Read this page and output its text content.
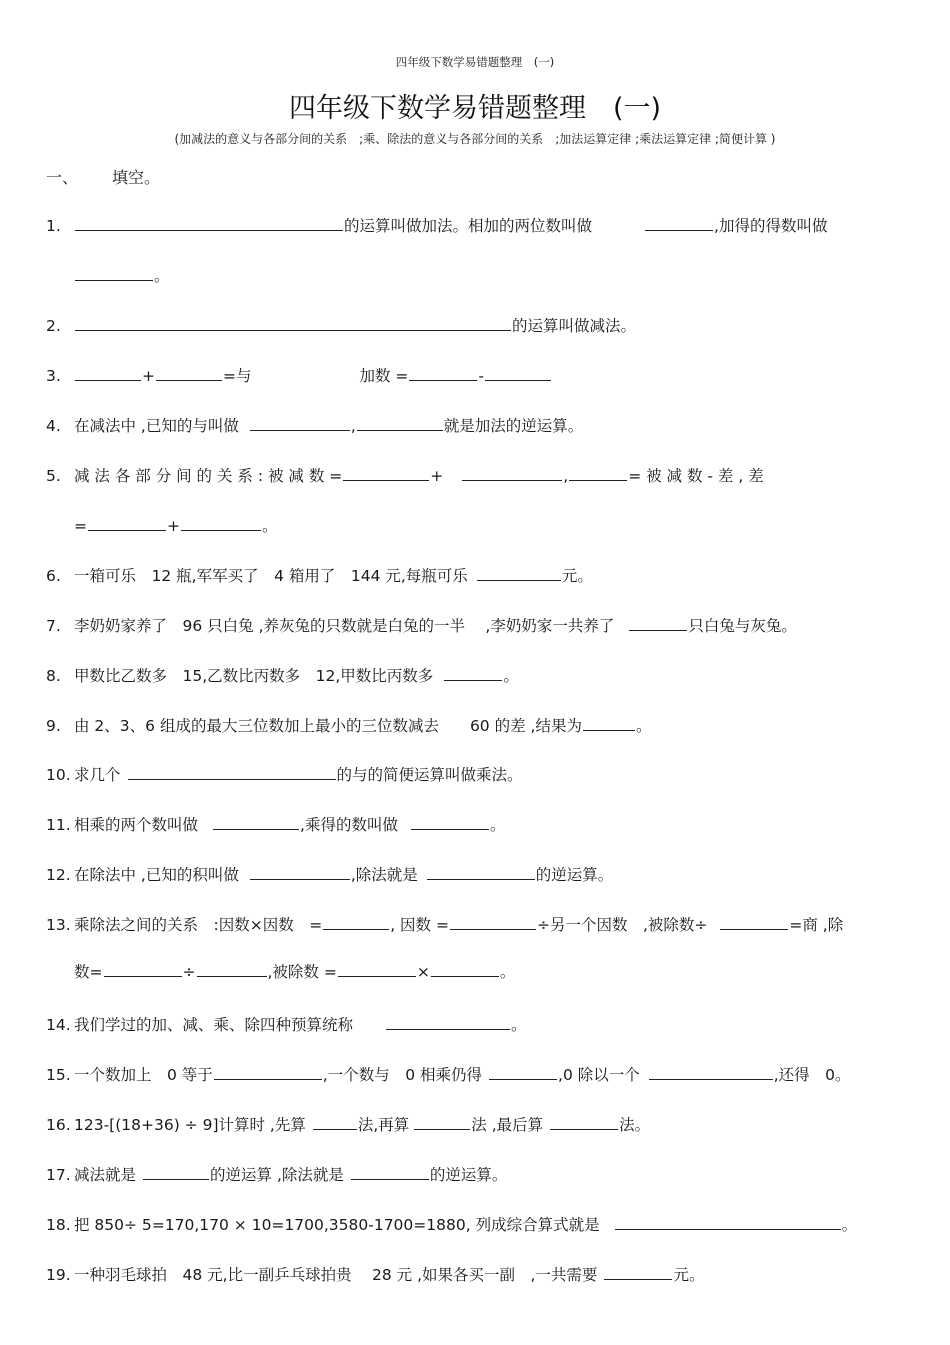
四年级下数学易错题整理　(一)
四年级下数学易错题整理　(一)
(加减法的意义与各部分间的关系　;乘、除法的意义与各部分间的关系　;加法运算定律 ;乘法运算定律 ;简便计算 )
一、 填空。
1.	的运算叫做加法。相加的两位数叫做	,加得的得数叫做
。
2.	的运算叫做减法。
3.	+	=与	加数 =	-
4. 在减法中 ,已知的与叫做	,	就是加法的逆运算。
5. 减 法 各 部 分 间 的 关 系 : 被 减 数 =	+	,	= 被 减 数 - 差 , 差
=	+	。
6. 一箱可乐　12 瓶,军军买了　4 箱用了　144 元,每瓶可乐	元。
7. 李奶奶家养了　96 只白兔 ,养灰兔的只数就是白兔的一半　 ,李奶奶家一共养了	只白兔与灰兔。
8. 甲数比乙数多　15,乙数比丙数多　12,甲数比丙数多	。
9. 由 2、3、6 组成的最大三位数加上最小的三位数减去　　60 的差 ,结果为	。
10. 求几个	的与的简便运算叫做乘法。
11. 相乘的两个数叫做	,乘得的数叫做	。
12. 在除法中 ,已知的积叫做	,除法就是	的逆运算。
13. 乘除法之间的关系　:因数×因数　=	, 因数 =	÷另一个因数　,被除数÷	=商 ,除
数=	÷	,被除数 =	×	。
14. 我们学过的加、减、乘、除四种预算统称	。
15. 一个数加上　0 等于	,一个数与　0 相乘仍得	,0 除以一个	,还得　0。
16. 123-[(18+36) ÷ 9]计算时 ,先算	法,再算	法 ,最后算	法。
17. 减法就是	的逆运算 ,除法就是	的逆运算。
18. 把 850÷ 5=170,170 × 10=1700,3580-1700=1880, 列成综合算式就是	。
19. 一种羽毛球拍　48 元,比一副乒乓球拍贵　 28 元 ,如果各买一副　,一共需要	元。
